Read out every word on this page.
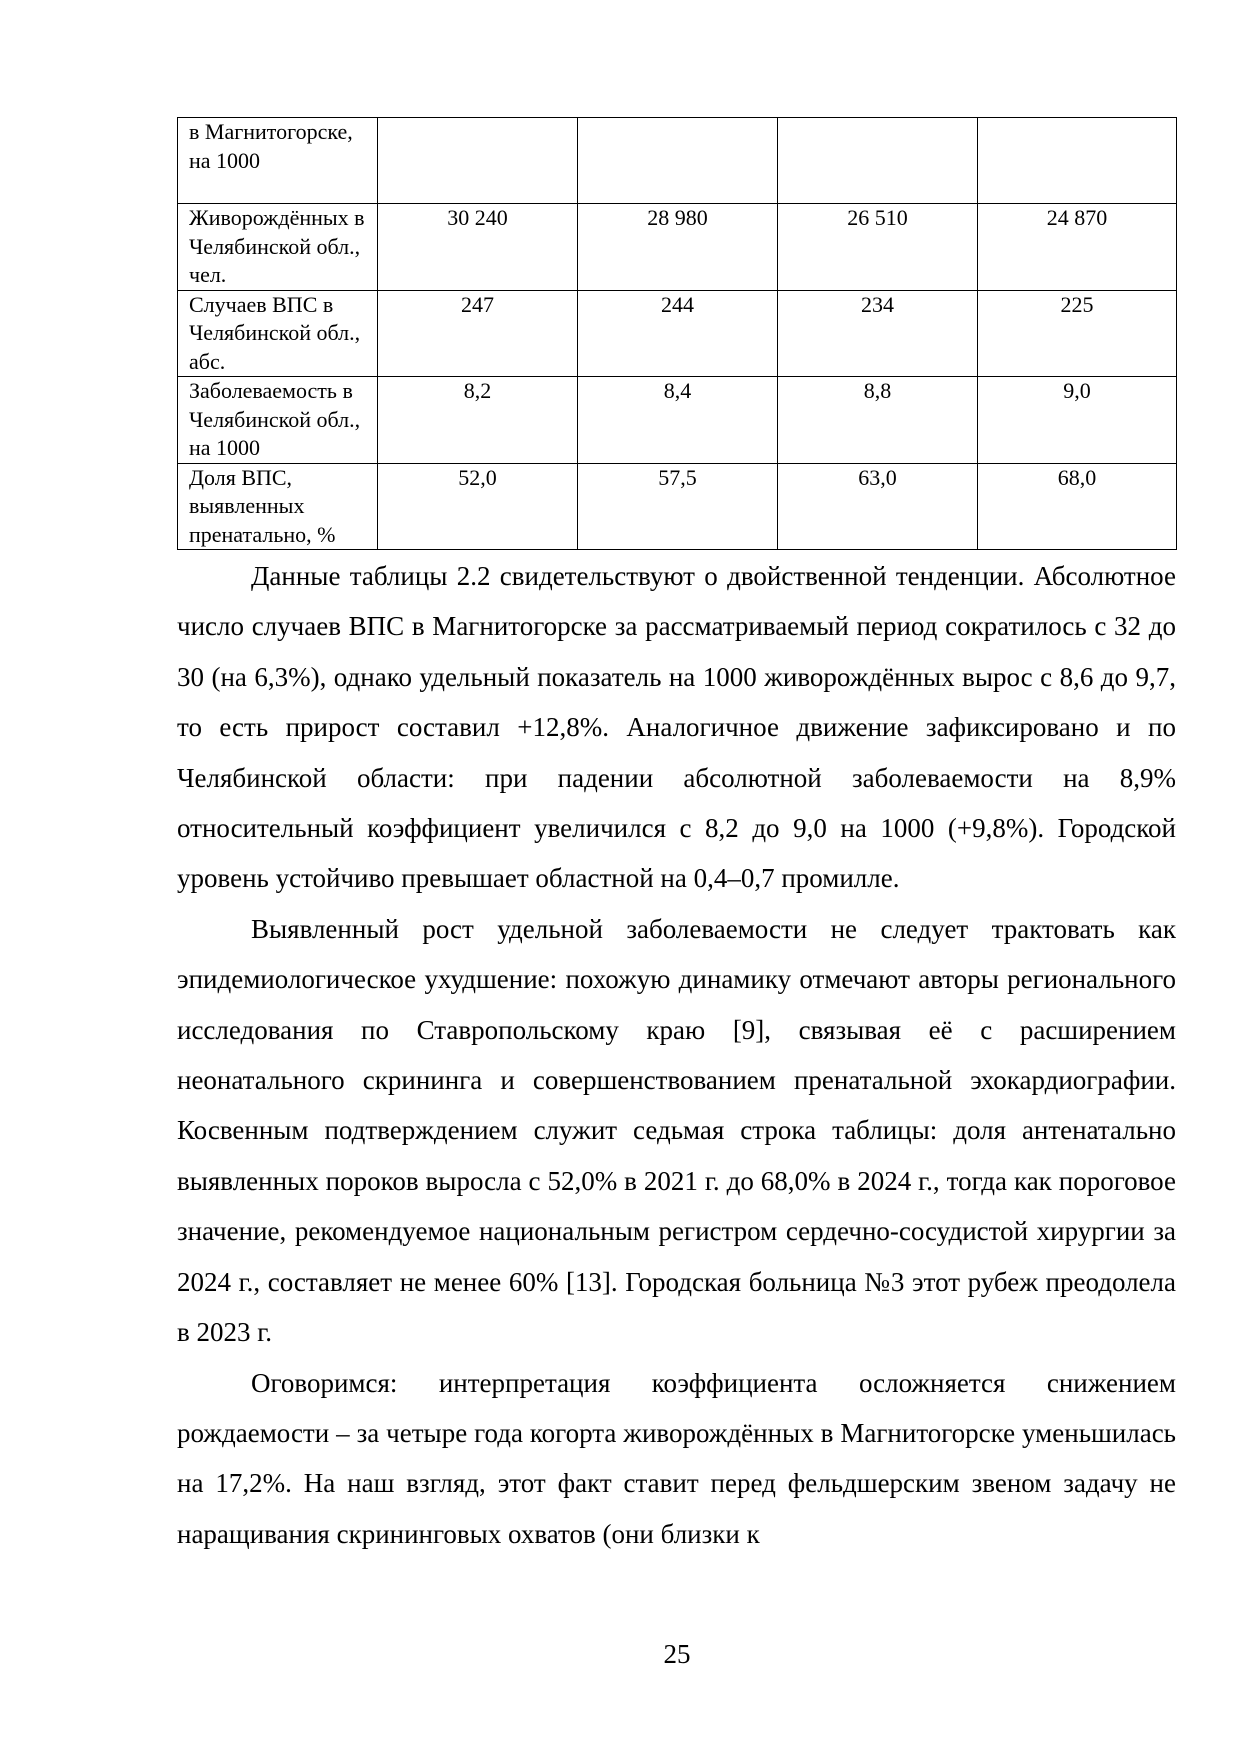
в Магнитогорске, на 1000				
Живорождённых в Челябинской обл., чел.	30 240	28 980	26 510	24 870
Случаев ВПС в Челябинской обл., абс.	247	244	234	225
Заболеваемость в Челябинской обл., на 1000	8,2	8,4	8,8	9,0
Доля ВПС, выявленных пренатально, %	52,0	57,5	63,0	68,0

Данные таблицы 2.2 свидетельствуют о двойственной тенденции. Абсолютное число случаев ВПС в Магнитогорске за рассматриваемый период сократилось с 32 до 30 (на 6,3%), однако удельный показатель на 1000 живорождённых вырос с 8,6 до 9,7, то есть прирост составил +12,8%. Аналогичное движение зафиксировано и по Челябинской области: при падении абсолютной заболеваемости на 8,9% относительный коэффициент увеличился с 8,2 до 9,0 на 1000 (+9,8%). Городской уровень устойчиво превышает областной на 0,4–0,7 промилле.

Выявленный рост удельной заболеваемости не следует трактовать как эпидемиологическое ухудшение: похожую динамику отмечают авторы регионального исследования по Ставропольскому краю [9], связывая её с расширением неонатального скрининга и совершенствованием пренатальной эхокардиографии. Косвенным подтверждением служит седьмая строка таблицы: доля антенатально выявленных пороков выросла с 52,0% в 2021 г. до 68,0% в 2024 г., тогда как пороговое значение, рекомендуемое национальным регистром сердечно-сосудистой хирургии за 2024 г., составляет не менее 60% [13]. Городская больница №3 этот рубеж преодолела в 2023 г.

Оговоримся: интерпретация коэффициента осложняется снижением рождаемости – за четыре года когорта живорождённых в Магнитогорске уменьшилась на 17,2%. На наш взгляд, этот факт ставит перед фельдшерским звеном задачу не наращивания скрининговых охватов (они близки к

25
